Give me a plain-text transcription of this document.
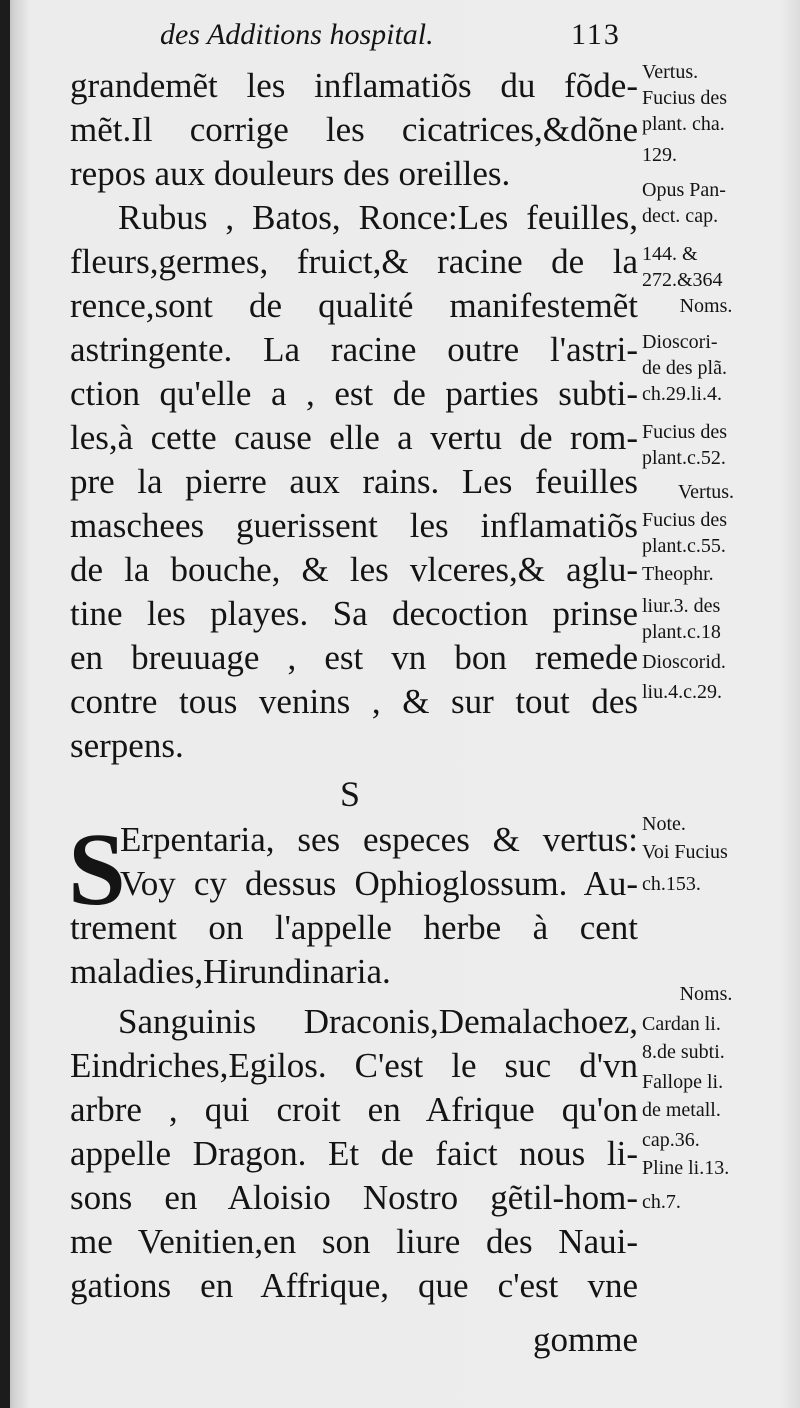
des Additions hospital.	113
grandemẽt les inflamatiõs du fõde-
mẽt.Il corrige les cicatrices,&dõne
repos aux douleurs des oreilles.
Rubus , Batos, Ronce:Les feuilles,
fleurs,germes, fruict,& racine de la
rence,sont de qualité manifestemẽt
astringente. La racine outre l'astri-
ction qu'elle a , est de parties subti-
les,à cette cause elle a vertu de rom-
pre la pierre aux rains. Les feuilles
maschees guerissent les inflamatiõs
de la bouche, & les vlceres,& aglu-
tine les playes. Sa decoction prinse
en breuuage , est vn bon remede
contre tous venins , & sur tout des
serpens.
S
S
Erpentaria, ses especes & vertus:
Voy cy dessus Ophioglossum. Au-
trement on l'appelle herbe à cent
maladies,Hirundinaria.
Sanguinis Draconis,Demalachoez,
Eindriches,Egilos. C'est le suc d'vn
arbre , qui croit en Afrique qu'on
appelle Dragon. Et de faict nous li-
sons en Aloisio Nostro gẽtil-hom-
me Venitien,en son liure des Naui-
gations en Affrique, que c'est vne
gomme
Vertus.
Fucius des
plant. cha.
129.
Opus Pan-
dect. cap.
144. &
272.&364
Noms.
Dioscori-
de des plã.
ch.29.li.4.
Fucius des
plant.c.52.
Vertus.
Fucius des
plant.c.55.
Theophr.
liur.3. des
plant.c.18
Dioscorid.
liu.4.c.29.
Note.
Voi Fucius
ch.153.
Noms.
Cardan li.
8.de subti.
Fallope li.
de metall.
cap.36.
Pline li.13.
ch.7.
